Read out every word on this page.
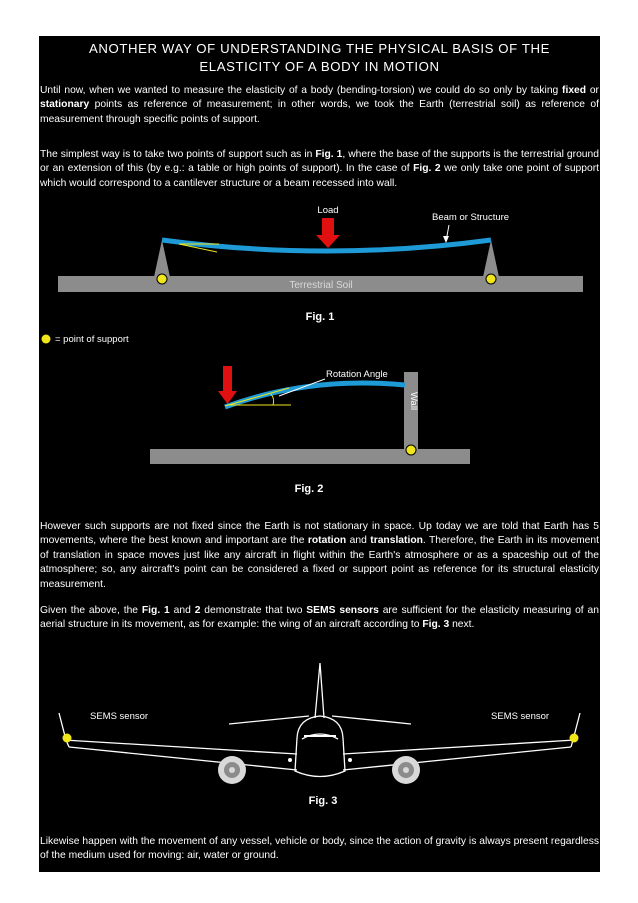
ANOTHER WAY OF UNDERSTANDING THE PHYSICAL BASIS OF THE
ELASTICITY OF A BODY IN MOTION

Until now, when we wanted to measure the elasticity of a body (bending-torsion) we could do so only by taking fixed or stationary points as reference of measurement; in other words, we took the Earth (terrestrial soil) as reference of measurement through specific points of support.

The simplest way is to take two points of support such as in Fig. 1, where the base of the supports is the terrestrial ground or an extension of this (by e.g.: a table or high points of support). In the case of Fig. 2 we only take one point of support which would correspond to a cantilever structure or a beam recessed into wall.

Terrestrial Soil
Load
Beam or Structure
Fig. 1
= point of support
Wall
Rotation Angle
Fig. 2

However such supports are not fixed since the Earth is not stationary in space. Up today we are told that Earth has 5 movements, where the best known and important are the rotation and translation. Therefore, the Earth in its movement of translation in space moves just like any aircraft in flight within the Earth's atmosphere or as a spaceship out of the atmosphere; so, any aircraft's point can be considered a fixed or support point as reference for its structural elasticity measurement.

Given the above, the Fig. 1 and 2 demonstrate that two SEMS sensors are sufficient for the elasticity measuring of an aerial structure in its movement, as for example: the wing of an aircraft according to Fig. 3 next.

SEMS sensor	SEMS sensor
Fig. 3

Likewise happen with the movement of any vessel, vehicle or body, since the action of gravity is always present regardless of the medium used for moving: air, water or ground.
